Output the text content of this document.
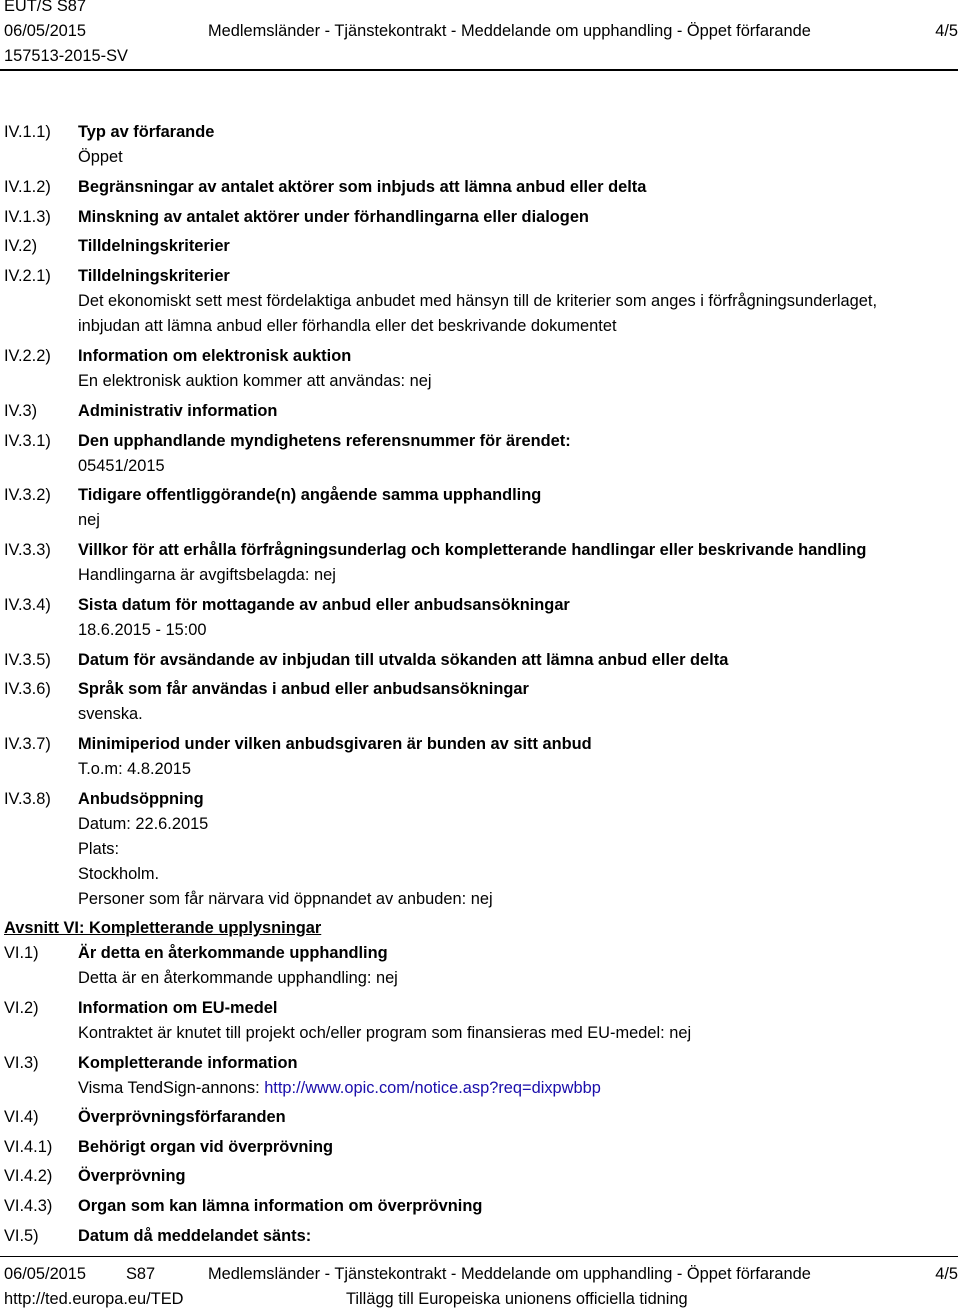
EUT/S S87
06/05/2015	Medlemsländer - Tjänstekontrakt - Meddelande om upphandling - Öppet förfarande	4/5
157513-2015-SV
IV.1.1) Typ av förfarande
Öppet
IV.1.2) Begränsningar av antalet aktörer som inbjuds att lämna anbud eller delta
IV.1.3) Minskning av antalet aktörer under förhandlingarna eller dialogen
IV.2) Tilldelningskriterier
IV.2.1) Tilldelningskriterier
Det ekonomiskt sett mest fördelaktiga anbudet med hänsyn till de kriterier som anges i förfrågningsunderlaget,
inbjudan att lämna anbud eller förhandla eller det beskrivande dokumentet
IV.2.2) Information om elektronisk auktion
En elektronisk auktion kommer att användas: nej
IV.3) Administrativ information
IV.3.1) Den upphandlande myndighetens referensnummer för ärendet:
05451/2015
IV.3.2) Tidigare offentliggörande(n) angående samma upphandling
nej
IV.3.3) Villkor för att erhålla förfrågningsunderlag och kompletterande handlingar eller beskrivande handling
Handlingarna är avgiftsbelagda: nej
IV.3.4) Sista datum för mottagande av anbud eller anbudsansökningar
18.6.2015 - 15:00
IV.3.5) Datum för avsändande av inbjudan till utvalda sökanden att lämna anbud eller delta
IV.3.6) Språk som får användas i anbud eller anbudsansökningar
svenska.
IV.3.7) Minimiperiod under vilken anbudsgivaren är bunden av sitt anbud
T.o.m: 4.8.2015
IV.3.8) Anbudsöppning
Datum: 22.6.2015
Plats:
Stockholm.
Personer som får närvara vid öppnandet av anbuden: nej
Avsnitt VI: Kompletterande upplysningar
VI.1) Är detta en återkommande upphandling
Detta är en återkommande upphandling: nej
VI.2) Information om EU-medel
Kontraktet är knutet till projekt och/eller program som finansieras med EU-medel: nej
VI.3) Kompletterande information
Visma TendSign-annons: http://www.opic.com/notice.asp?req=dixpwbbp
VI.4) Överprövningsförfaranden
VI.4.1) Behörigt organ vid överprövning
VI.4.2) Överprövning
VI.4.3) Organ som kan lämna information om överprövning
VI.5) Datum då meddelandet sänts:
06/05/2015 S87	Medlemsländer - Tjänstekontrakt - Meddelande om upphandling - Öppet förfarande	4/5
http://ted.europa.eu/TED	Tillägg till Europeiska unionens officiella tidning
